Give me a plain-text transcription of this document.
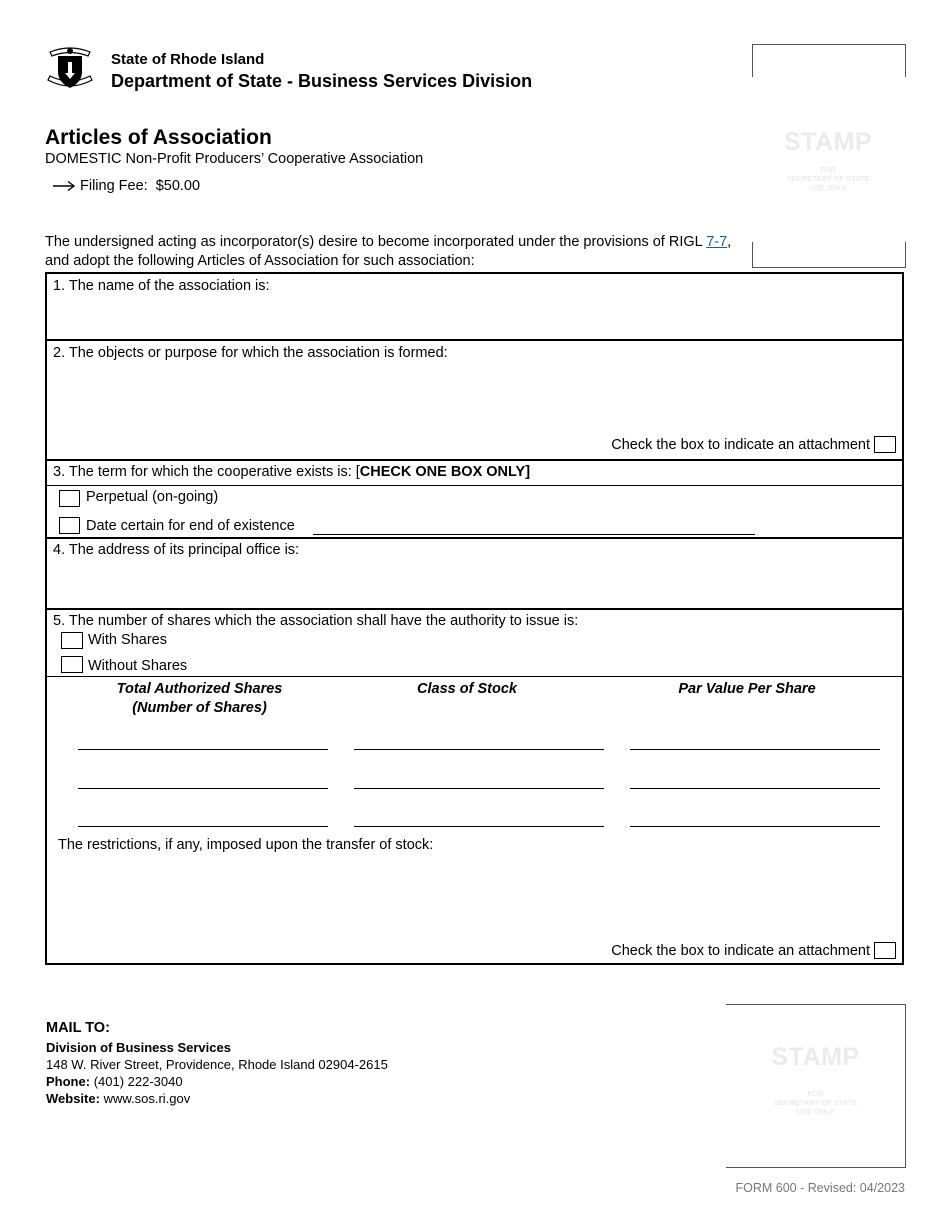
State of Rhode Island
Department of State - Business Services Division
Articles of Association
DOMESTIC Non-Profit Producers’ Cooperative Association
Filing Fee: $50.00
The undersigned acting as incorporator(s) desire to become incorporated under the provisions of RIGL 7-7, and adopt the following Articles of Association for such association:
STAMP
FOR
SECRETARY OF STATE
USE ONLY
1. The name of the association is:
2. The objects or purpose for which the association is formed:
Check the box to indicate an attachment
3. The term for which the cooperative exists is: [CHECK ONE BOX ONLY]
Perpetual (on-going)
Date certain for end of existence
4. The address of its principal office is:
5. The number of shares which the association shall have the authority to issue is:
With Shares
Without Shares
Total Authorized Shares
(Number of Shares)
Class of Stock	Par Value Per Share
The restrictions, if any, imposed upon the transfer of stock:
Check the box to indicate an attachment
MAIL TO:
Division of Business Services
148 W. River Street, Providence, Rhode Island 02904-2615
Phone: (401) 222-3040
Website: www.sos.ri.gov
STAMP
FOR
SECRETARY OF STATE
USE ONLY
FORM 600 - Revised: 04/2023
